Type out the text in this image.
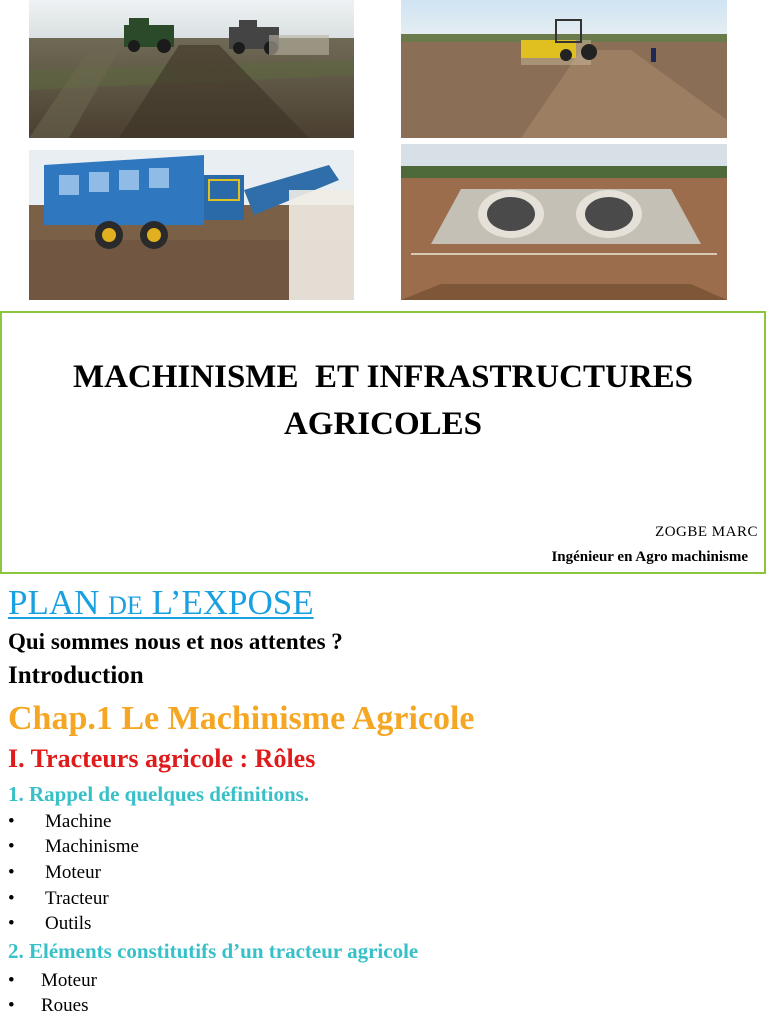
MACHINISME  ET INFRASTRUCTURES
AGRICOLES
ZOGBE MARC
Ingénieur en Agro machinisme
PLAN DE L’EXPOSE
Qui sommes nous et nos attentes ?
Introduction
Chap.1 Le Machinisme Agricole
I. Tracteurs agricole : Rôles
1. Rappel de quelques définitions.
• Machine
• Machinisme
• Moteur
• Tracteur
• Outils
2. Eléments constitutifs d’un tracteur agricole
• Moteur
• Roues
